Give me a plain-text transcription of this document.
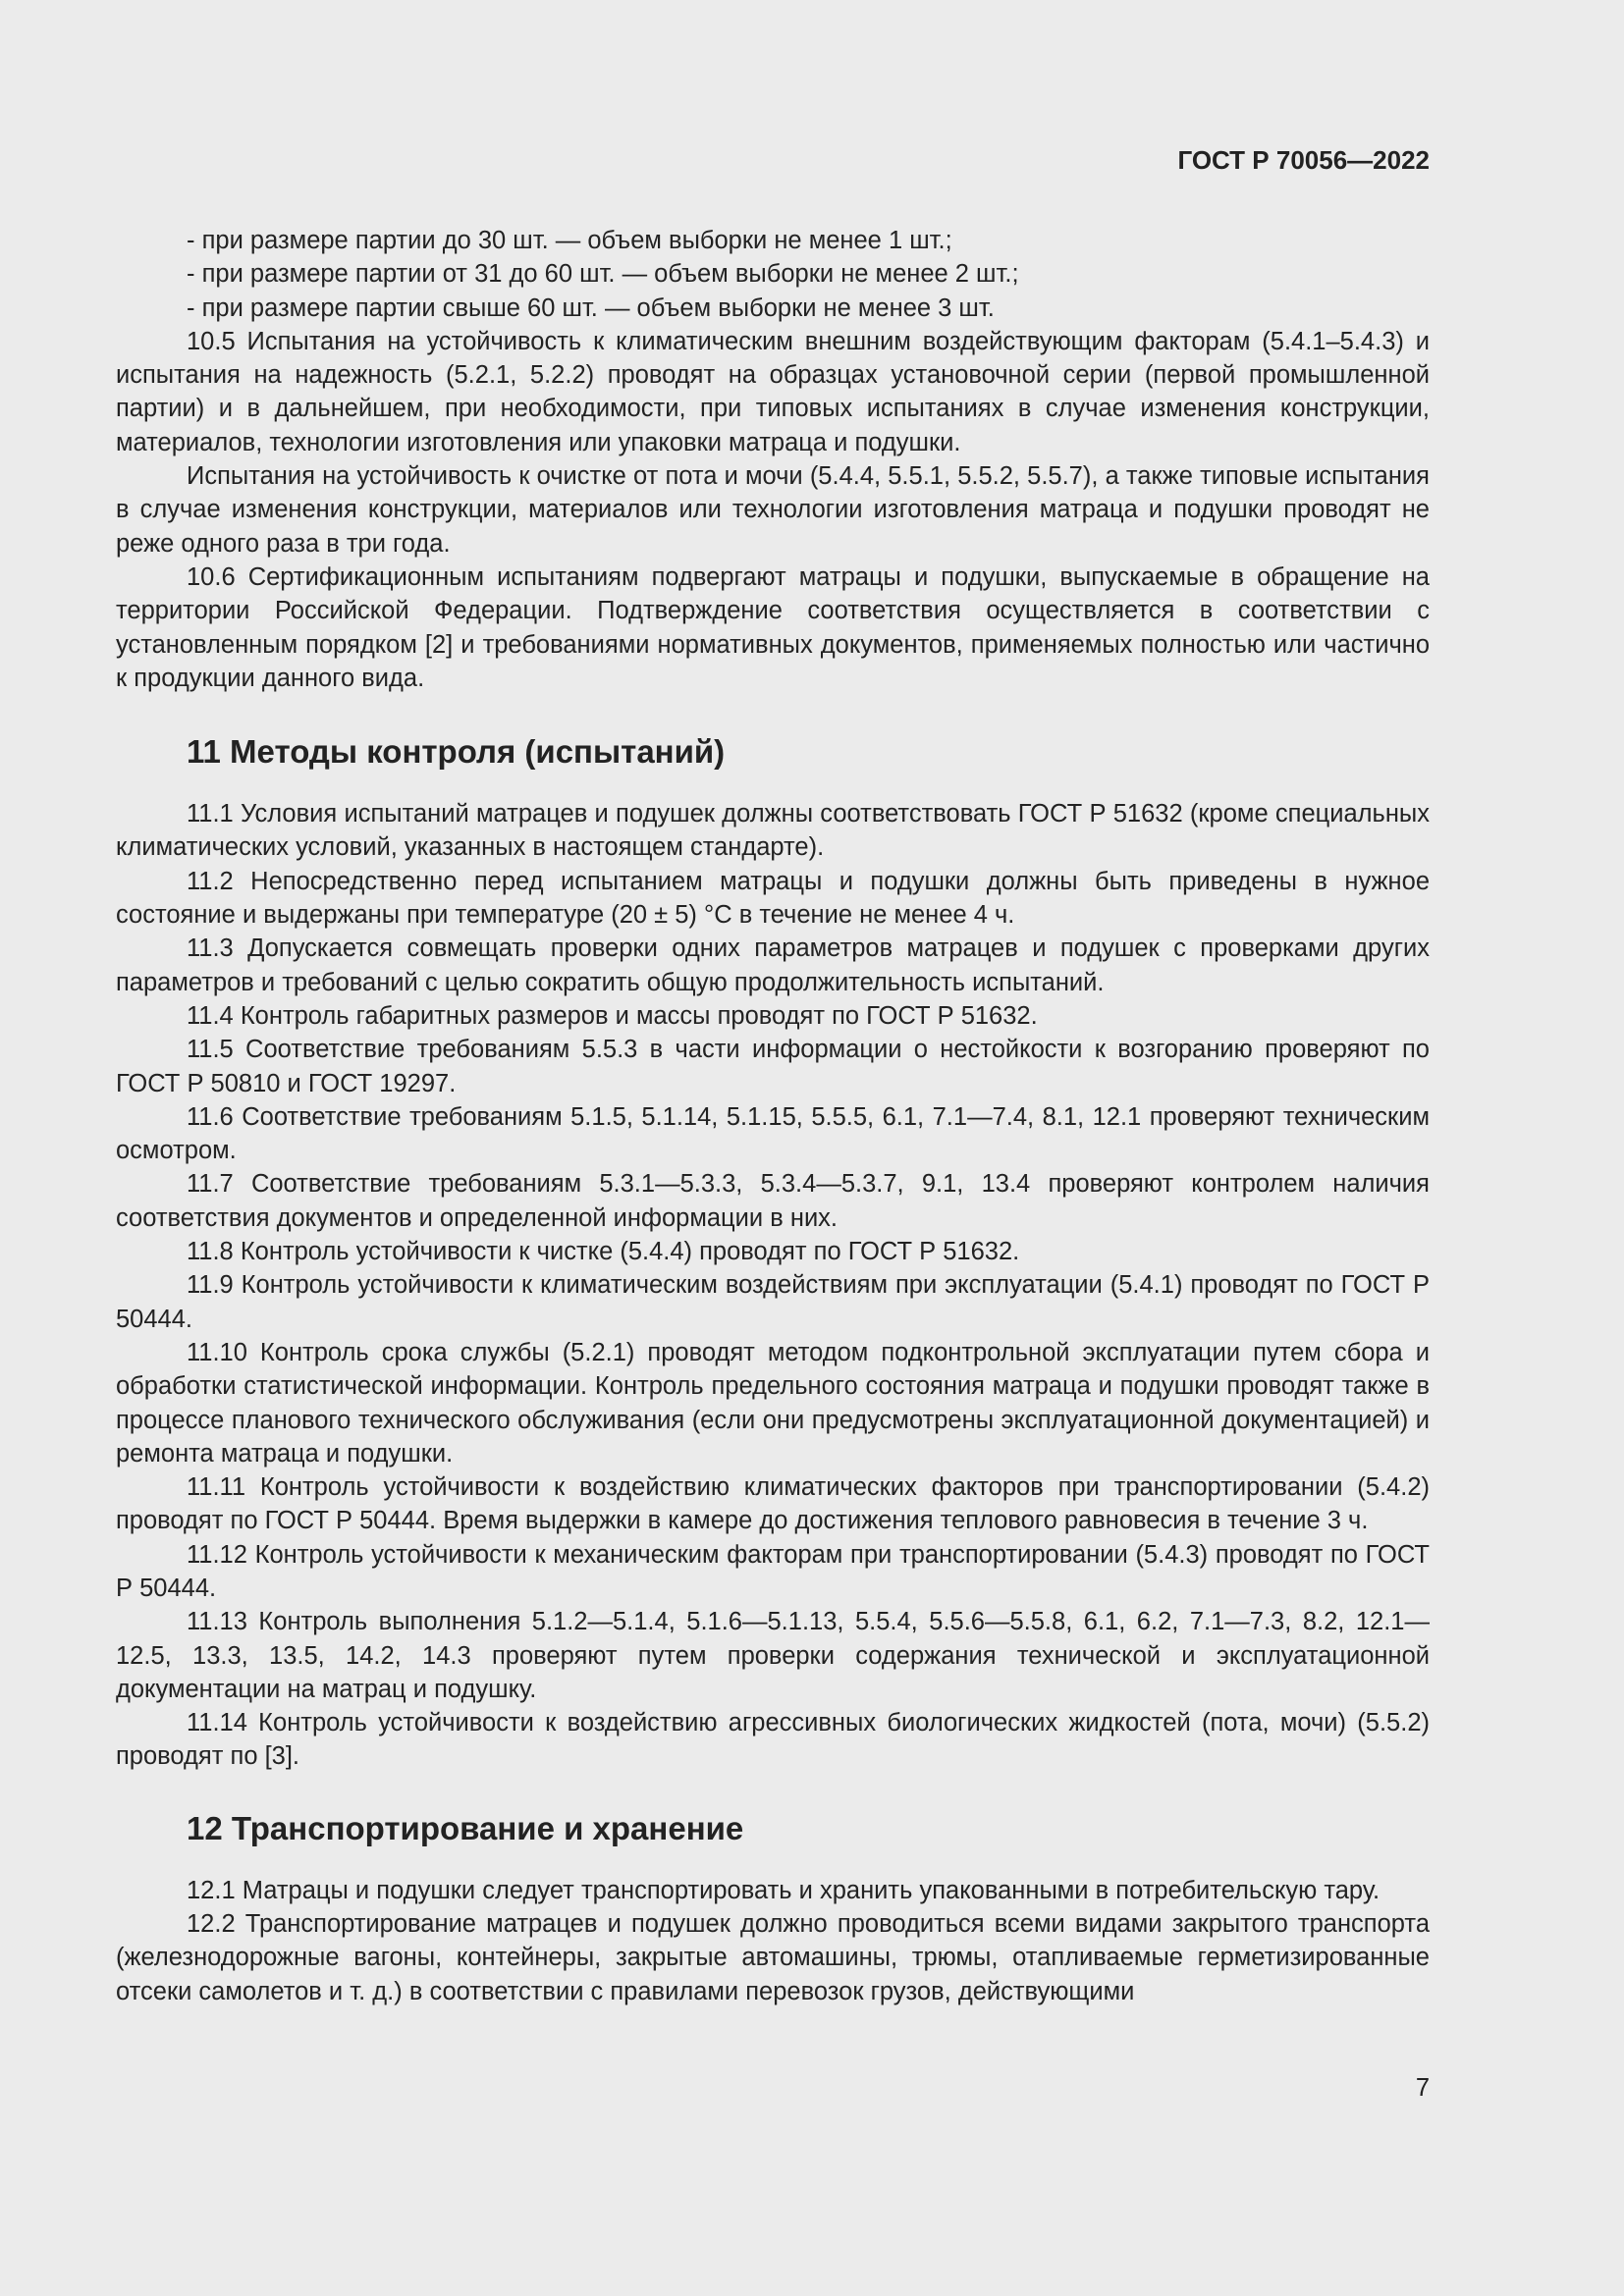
ГОСТ Р 70056—2022

- при размере партии до 30 шт. — объем выборки не менее 1 шт.;

- при размере партии от 31 до 60 шт. — объем выборки не менее 2 шт.;

- при размере партии свыше 60 шт. — объем выборки не менее 3 шт.

10.5 Испытания на устойчивость к климатическим внешним воздействующим факторам (5.4.1–5.4.3) и испытания на надежность (5.2.1, 5.2.2) проводят на образцах установочной серии (первой промышленной партии) и в дальнейшем, при необходимости, при типовых испытаниях в случае изменения конструкции, материалов, технологии изготовления или упаковки матраца и подушки.

Испытания на устойчивость к очистке от пота и мочи (5.4.4, 5.5.1, 5.5.2, 5.5.7), а также типовые испытания в случае изменения конструкции, материалов или технологии изготовления матраца и подушки проводят не реже одного раза в три года.

10.6 Сертификационным испытаниям подвергают матрацы и подушки, выпускаемые в обращение на территории Российской Федерации. Подтверждение соответствия осуществляется в соответствии с установленным порядком [2] и требованиями нормативных документов, применяемых полностью или частично к продукции данного вида.

11 Методы контроля (испытаний)

11.1 Условия испытаний матрацев и подушек должны соответствовать ГОСТ Р 51632 (кроме специальных климатических условий, указанных в настоящем стандарте).

11.2 Непосредственно перед испытанием матрацы и подушки должны быть приведены в нужное состояние и выдержаны при температуре (20 ± 5) °С в течение не менее 4 ч.

11.3 Допускается совмещать проверки одних параметров матрацев и подушек с проверками других параметров и требований с целью сократить общую продолжительность испытаний.

11.4 Контроль габаритных размеров и массы проводят по ГОСТ Р 51632.

11.5 Соответствие требованиям 5.5.3 в части информации о нестойкости к возгоранию проверяют по ГОСТ Р 50810 и ГОСТ 19297.

11.6 Соответствие требованиям 5.1.5, 5.1.14, 5.1.15, 5.5.5, 6.1, 7.1—7.4, 8.1, 12.1 проверяют техническим осмотром.

11.7 Соответствие требованиям 5.3.1—5.3.3, 5.3.4—5.3.7, 9.1, 13.4 проверяют контролем наличия соответствия документов и определенной информации в них.

11.8 Контроль устойчивости к чистке (5.4.4) проводят по ГОСТ Р 51632.

11.9 Контроль устойчивости к климатическим воздействиям при эксплуатации (5.4.1) проводят по ГОСТ Р 50444.

11.10 Контроль срока службы (5.2.1) проводят методом подконтрольной эксплуатации путем сбора и обработки статистической информации. Контроль предельного состояния матраца и подушки проводят также в процессе планового технического обслуживания (если они предусмотрены эксплуатационной документацией) и ремонта матраца и подушки.

11.11 Контроль устойчивости к воздействию климатических факторов при транспортировании (5.4.2) проводят по ГОСТ Р 50444. Время выдержки в камере до достижения теплового равновесия в течение 3 ч.

11.12 Контроль устойчивости к механическим факторам при транспортировании (5.4.3) проводят по ГОСТ Р 50444.

11.13 Контроль выполнения 5.1.2—5.1.4, 5.1.6—5.1.13, 5.5.4, 5.5.6—5.5.8, 6.1, 6.2, 7.1—7.3, 8.2, 12.1—12.5, 13.3, 13.5, 14.2, 14.3 проверяют путем проверки содержания технической и эксплуатационной документации на матрац и подушку.

11.14 Контроль устойчивости к воздействию агрессивных биологических жидкостей (пота, мочи) (5.5.2) проводят по [3].

12 Транспортирование и хранение

12.1 Матрацы и подушки следует транспортировать и хранить упакованными в потребительскую тару.

12.2 Транспортирование матрацев и подушек должно проводиться всеми видами закрытого транспорта (железнодорожные вагоны, контейнеры, закрытые автомашины, трюмы, отапливаемые герметизированные отсеки самолетов и т. д.) в соответствии с правилами перевозок грузов, действующими

7
